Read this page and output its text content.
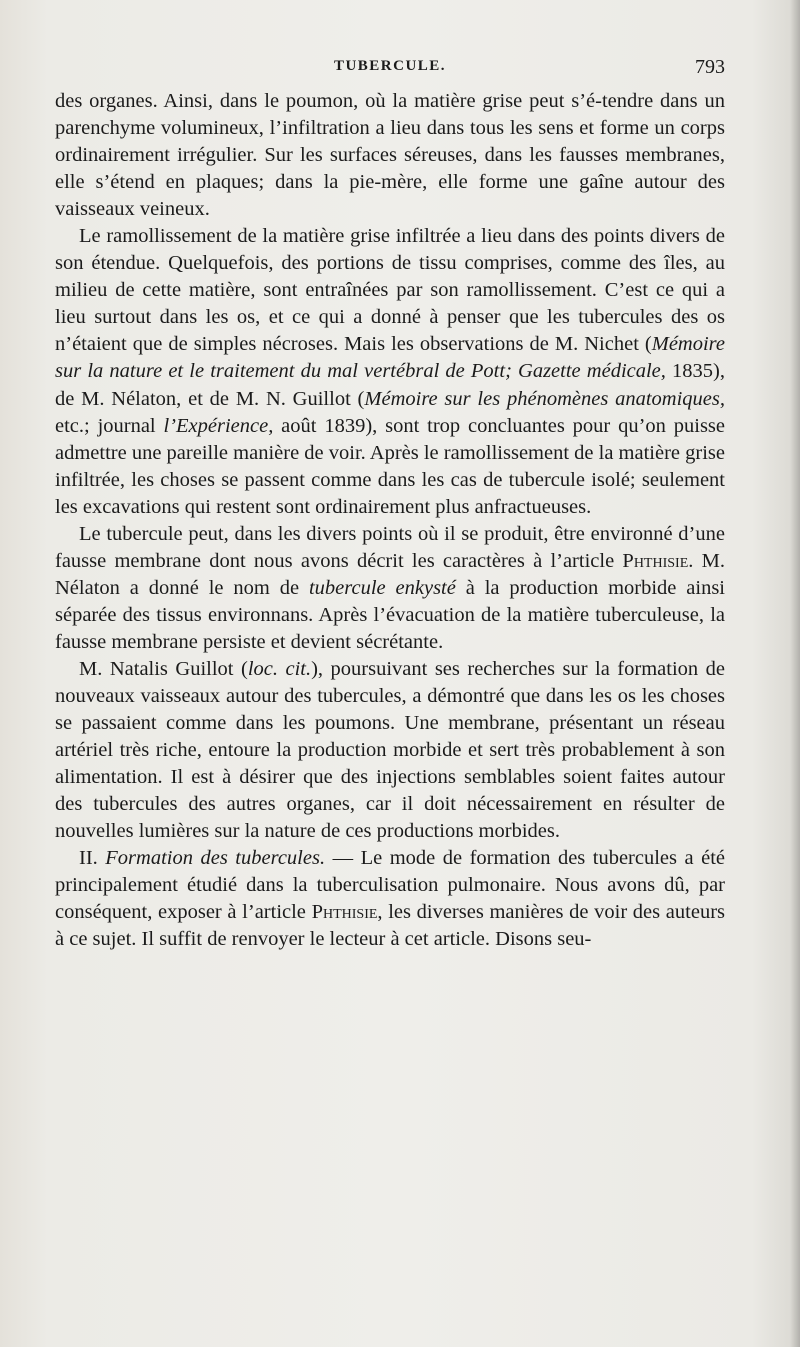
TUBERCULE.	793

des organes. Ainsi, dans le poumon, où la matière grise peut s’é-tendre dans un parenchyme volumineux, l’infiltration a lieu dans tous les sens et forme un corps ordinairement irrégulier. Sur les surfaces séreuses, dans les fausses membranes, elle s’étend en plaques; dans la pie-mère, elle forme une gaîne autour des vaisseaux veineux.

Le ramollissement de la matière grise infiltrée a lieu dans des points divers de son étendue. Quelquefois, des portions de tissu comprises, comme des îles, au milieu de cette matière, sont entraînées par son ramollissement. C’est ce qui a lieu surtout dans les os, et ce qui a donné à penser que les tubercules des os n’étaient que de simples nécroses. Mais les observations de M. Nichet (Mémoire sur la nature et le traitement du mal vertébral de Pott; Gazette médicale, 1835), de M. Nélaton, et de M. N. Guillot (Mémoire sur les phénomènes anatomiques, etc.; journal l’Expérience, août 1839), sont trop concluantes pour qu’on puisse admettre une pareille manière de voir. Après le ramollissement de la matière grise infiltrée, les choses se passent comme dans les cas de tubercule isolé; seulement les excavations qui restent sont ordinairement plus anfractueuses.

Le tubercule peut, dans les divers points où il se produit, être environné d’une fausse membrane dont nous avons décrit les caractères à l’article Phthisie. M. Nélaton a donné le nom de tubercule enkysté à la production morbide ainsi séparée des tissus environnans. Après l’évacuation de la matière tuberculeuse, la fausse membrane persiste et devient sécrétante.

M. Natalis Guillot (loc. cit.), poursuivant ses recherches sur la formation de nouveaux vaisseaux autour des tubercules, a démontré que dans les os les choses se passaient comme dans les poumons. Une membrane, présentant un réseau artériel très riche, entoure la production morbide et sert très probablement à son alimentation. Il est à désirer que des injections semblables soient faites autour des tubercules des autres organes, car il doit nécessairement en résulter de nouvelles lumières sur la nature de ces productions morbides.

II. Formation des tubercules. — Le mode de formation des tubercules a été principalement étudié dans la tuberculisation pulmonaire. Nous avons dû, par conséquent, exposer à l’article Phthisie, les diverses manières de voir des auteurs à ce sujet. Il suffit de renvoyer le lecteur à cet article. Disons seu-
